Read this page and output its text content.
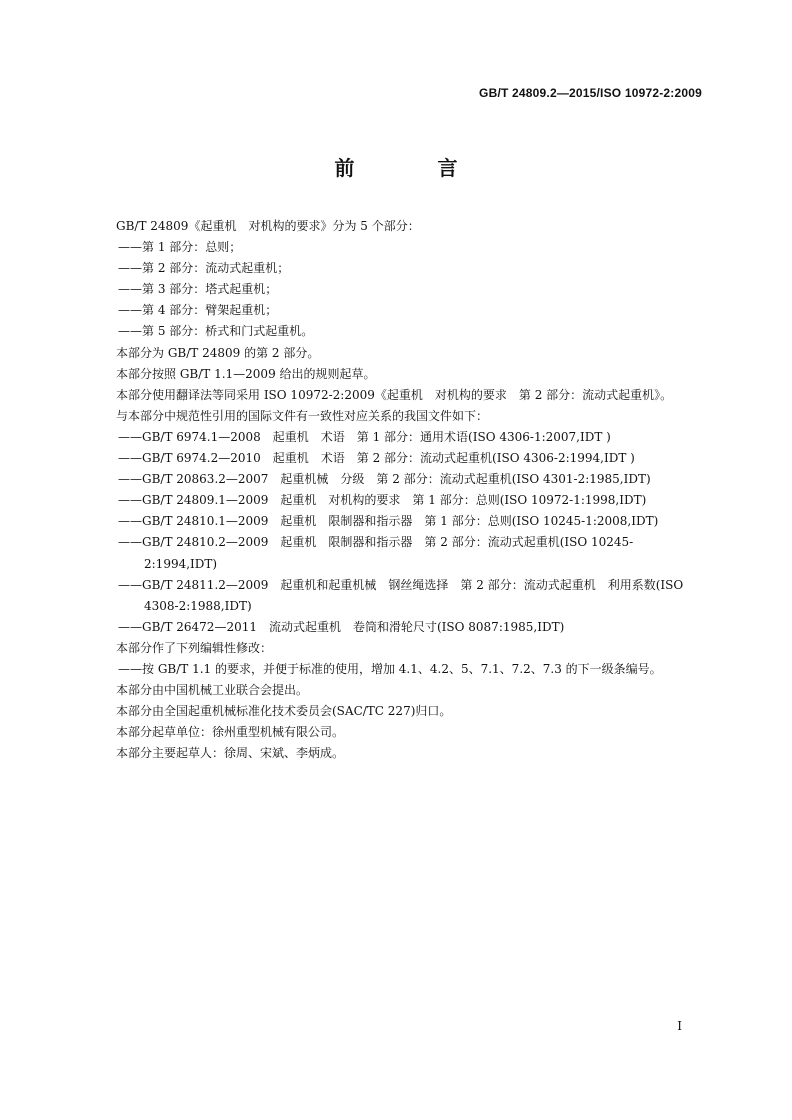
GB/T 24809.2—2015/ISO 10972-2:2009
前 言

GB/T 24809《起重机　对机构的要求》分为 5 个部分：

——第 1 部分：总则；

——第 2 部分：流动式起重机；

——第 3 部分：塔式起重机；

——第 4 部分：臂架起重机；

——第 5 部分：桥式和门式起重机。

本部分为 GB/T 24809 的第 2 部分。

本部分按照 GB/T 1.1—2009 给出的规则起草。

本部分使用翻译法等同采用 ISO 10972-2:2009《起重机　对机构的要求　第 2 部分：流动式起重机》。

与本部分中规范性引用的国际文件有一致性对应关系的我国文件如下：

——GB/T 6974.1—2008　起重机　术语　第 1 部分：通用术语(ISO 4306-1:2007,IDT )

——GB/T 6974.2—2010　起重机　术语　第 2 部分：流动式起重机(ISO 4306-2:1994,IDT )

——GB/T 20863.2—2007　起重机械　分级　第 2 部分：流动式起重机(ISO 4301-2:1985,IDT)

——GB/T 24809.1—2009　起重机　对机构的要求　第 1 部分：总则(ISO 10972-1:1998,IDT)

——GB/T 24810.1—2009　起重机　限制器和指示器　第 1 部分：总则(ISO 10245-1:2008,IDT)

——GB/T 24810.2—2009　起重机　限制器和指示器　第 2 部分：流动式起重机(ISO 10245-2:1994,IDT)

——GB/T 24811.2—2009　起重机和起重机械　钢丝绳选择　第 2 部分：流动式起重机　利用系数(ISO 4308-2:1988,IDT)

——GB/T 26472—2011　流动式起重机　卷筒和滑轮尺寸(ISO 8087:1985,IDT)

本部分作了下列编辑性修改：

——按 GB/T 1.1 的要求，并便于标准的使用，增加 4.1、4.2、5、7.1、7.2、7.3 的下一级条编号。

本部分由中国机械工业联合会提出。

本部分由全国起重机械标准化技术委员会(SAC/TC 227)归口。

本部分起草单位：徐州重型机械有限公司。

本部分主要起草人：徐周、宋斌、李炳成。

I
